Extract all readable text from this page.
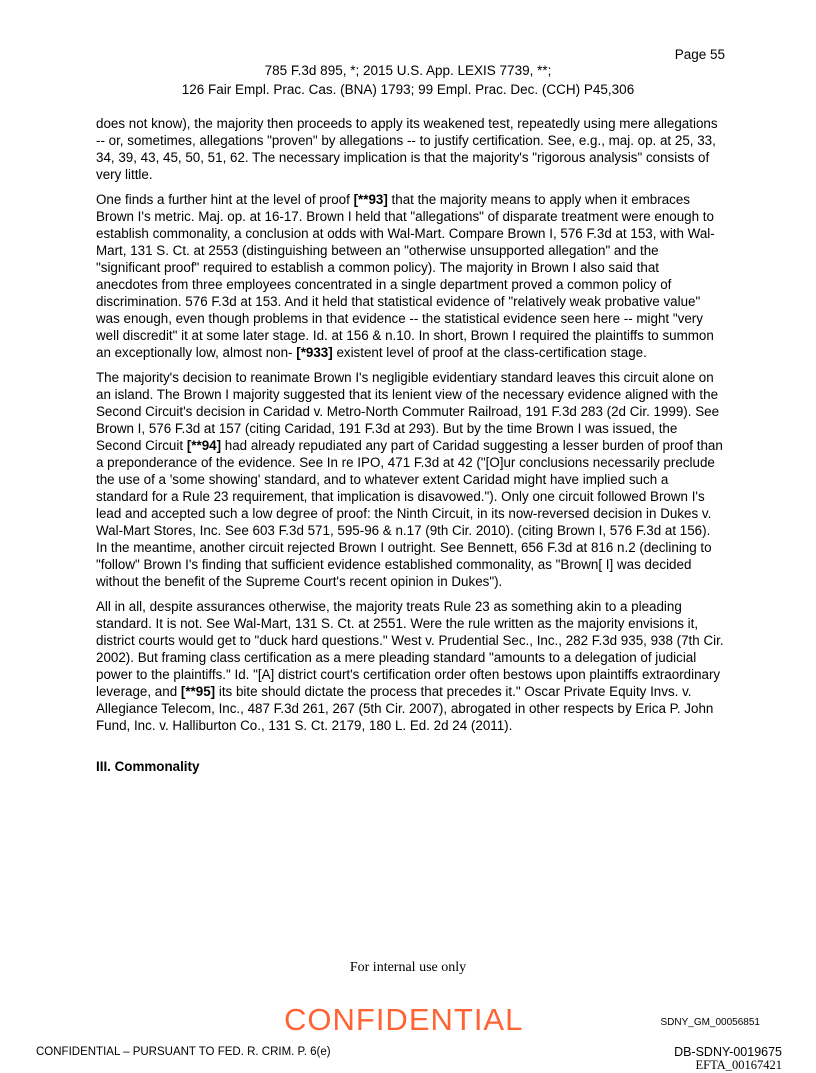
Page 55
785 F.3d 895, *; 2015 U.S. App. LEXIS 7739, **;
126 Fair Empl. Prac. Cas. (BNA) 1793; 99 Empl. Prac. Dec. (CCH) P45,306

does not know), the majority then proceeds to apply its weakened test, repeatedly using mere allegations -- or, sometimes, allegations "proven" by allegations -- to justify certification. See, e.g., maj. op. at 25, 33, 34, 39, 43, 45, 50, 51, 62. The necessary implication is that the majority's "rigorous analysis" consists of very little.

One finds a further hint at the level of proof [**93] that the majority means to apply when it embraces Brown I's metric. Maj. op. at 16-17. Brown I held that "allegations" of disparate treatment were enough to establish commonality, a conclusion at odds with Wal-Mart. Compare Brown I, 576 F.3d at 153, with Wal-Mart, 131 S. Ct. at 2553 (distinguishing between an "otherwise unsupported allegation" and the "significant proof" required to establish a common policy). The majority in Brown I also said that anecdotes from three employees concentrated in a single department proved a common policy of discrimination. 576 F.3d at 153. And it held that statistical evidence of "relatively weak probative value" was enough, even though problems in that evidence -- the statistical evidence seen here -- might "very well discredit" it at some later stage. Id. at 156 & n.10. In short, Brown I required the plaintiffs to summon an exceptionally low, almost non- [*933] existent level of proof at the class-certification stage.

The majority's decision to reanimate Brown I's negligible evidentiary standard leaves this circuit alone on an island. The Brown I majority suggested that its lenient view of the necessary evidence aligned with the Second Circuit's decision in Caridad v. Metro-North Commuter Railroad, 191 F.3d 283 (2d Cir. 1999). See Brown I, 576 F.3d at 157 (citing Caridad, 191 F.3d at 293). But by the time Brown I was issued, the Second Circuit [**94] had already repudiated any part of Caridad suggesting a lesser burden of proof than a preponderance of the evidence. See In re IPO, 471 F.3d at 42 ("[O]ur conclusions necessarily preclude the use of a 'some showing' standard, and to whatever extent Caridad might have implied such a standard for a Rule 23 requirement, that implication is disavowed."). Only one circuit followed Brown I's lead and accepted such a low degree of proof: the Ninth Circuit, in its now-reversed decision in Dukes v. Wal-Mart Stores, Inc. See 603 F.3d 571, 595-96 & n.17 (9th Cir. 2010). (citing Brown I, 576 F.3d at 156). In the meantime, another circuit rejected Brown I outright. See Bennett, 656 F.3d at 816 n.2 (declining to "follow" Brown I's finding that sufficient evidence established commonality, as "Brown[ I] was decided without the benefit of the Supreme Court's recent opinion in Dukes").

All in all, despite assurances otherwise, the majority treats Rule 23 as something akin to a pleading standard. It is not. See Wal-Mart, 131 S. Ct. at 2551. Were the rule written as the majority envisions it, district courts would get to "duck hard questions." West v. Prudential Sec., Inc., 282 F.3d 935, 938 (7th Cir. 2002). But framing class certification as a mere pleading standard "amounts to a delegation of judicial power to the plaintiffs." Id. "[A] district court's certification order often bestows upon plaintiffs extraordinary leverage, and [**95] its bite should dictate the process that precedes it." Oscar Private Equity Invs. v. Allegiance Telecom, Inc., 487 F.3d 261, 267 (5th Cir. 2007), abrogated in other respects by Erica P. John Fund, Inc. v. Halliburton Co., 131 S. Ct. 2179, 180 L. Ed. 2d 24 (2011).

III. Commonality
For internal use only
SDNY_GM_00056851
CONFIDENTIAL
CONFIDENTIAL – PURSUANT TO FED. R. CRIM. P. 6(e)	DB-SDNY-0019675
EFTA_00167421
